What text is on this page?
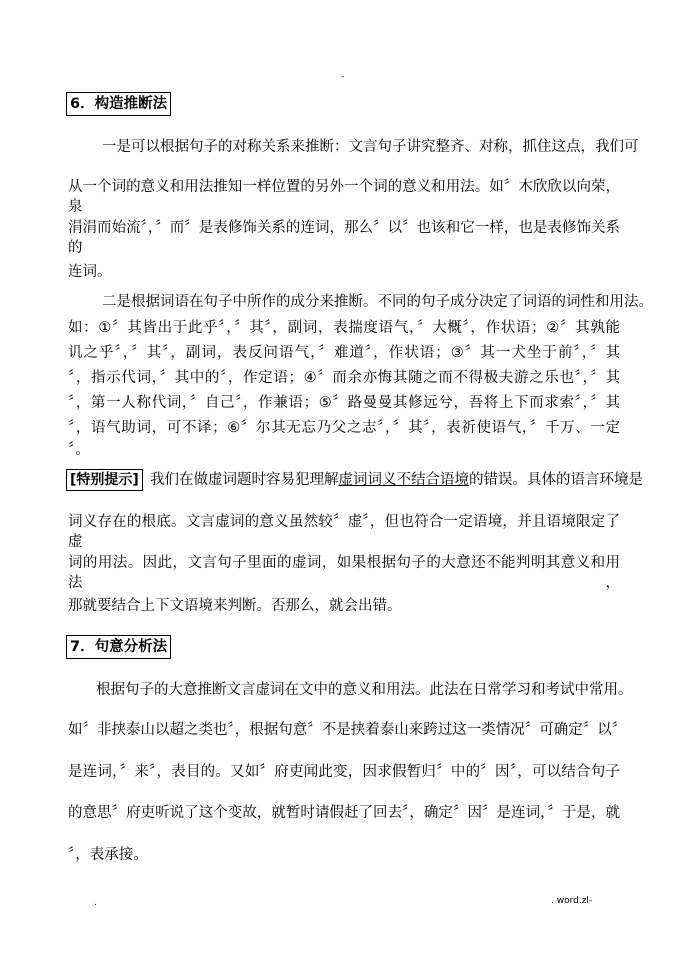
-
6．构造推断法
一是可以根据句子的对称关系来推断：文言句子讲究整齐、对称，抓住这点，我们可
从一个词的意义和用法推知一样位置的另外一个词的意义和用法。如〞木欣欣以向荣，泉
涓涓而始流〞，〞而〞是表修饰关系的连词，那么〞以〞也该和它一样，也是表修饰关系的
连词。
二是根据词语在句子中所作的成分来推断。不同的句子成分决定了词语的词性和用法。
如：①〞其皆出于此乎〞，〞其〞，副词，表揣度语气，〞大概〞，作状语；②〞其孰能
讥之乎〞，〞其〞，副词，表反问语气，〞难道〞，作状语；③〞其一犬坐于前〞，〞其
〞，指示代词，〞其中的〞，作定语；④〞而余亦悔其随之而不得极夫游之乐也〞，〞其
〞，第一人称代词，〞自己〞，作兼语；⑤〞路曼曼其修远兮，吾将上下而求索〞，〞其
〞，语气助词，可不译；⑥〞尔其无忘乃父之志〞，〞其〞，表祈使语气，〞千万、一定
〞。
[特别提示] 我们在做虚词题时容易犯理解虚词词义不结合语境的错误。具体的语言环境是
词义存在的根底。文言虚词的意义虽然较〞虚〞，但也符合一定语境，并且语境限定了虚
词的用法。因此，文言句子里面的虚词，如果根据句子的大意还不能判明其意义和用法，
那就要结合上下文语境来判断。否那么，就会出错。
7．句意分析法
根据句子的大意推断文言虚词在文中的意义和用法。此法在日常学习和考试中常用。
如〞非挟泰山以超之类也〞，根据句意〞不是挟着泰山来跨过这一类情况〞可确定〞以〞
是连词，〞来〞，表目的。又如〞府吏闻此变，因求假暂归〞中的〞因〞，可以结合句子
的意思〞府吏听说了这个变故，就暂时请假赶了回去〞，确定〞因〞是连词，〞于是，就
〞，表承接。
.	. word.zl-
